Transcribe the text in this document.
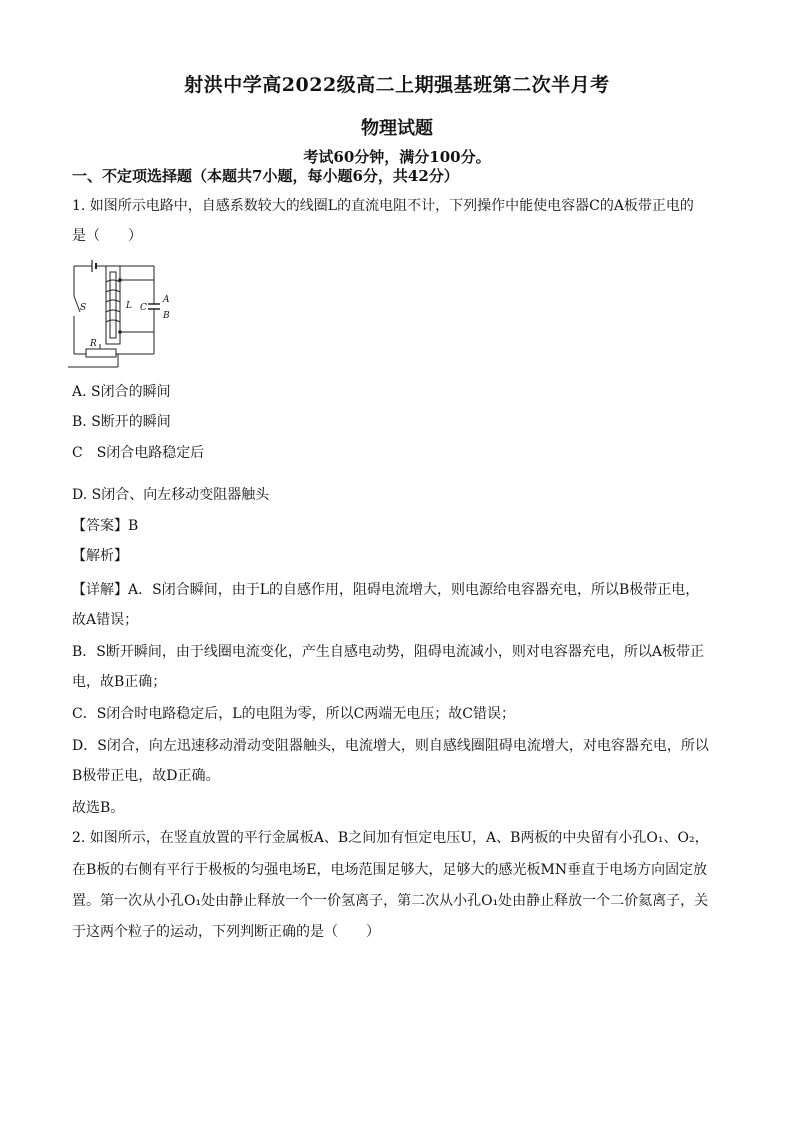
射洪中学高2022级高二上期强基班第二次半月考
物理试题
考试60分钟，满分100分。
一、不定项选择题（本题共7小题，每小题6分，共42分）
1. 如图所示电路中，自感系数较大的线圈L的直流电阻不计，下列操作中能使电容器C的A板带正电的
是（　　）
S	L C
A
B
R
A. S闭合的瞬间
B. S断开的瞬间
C　S闭合电路稳定后
D. S闭合、向左移动变阻器触头
【答案】B
【解析】
【详解】A．S闭合瞬间，由于L的自感作用，阻碍电流增大，则电源给电容器充电，所以B极带正电，
故A错误；
B．S断开瞬间，由于线圈电流变化，产生自感电动势，阻碍电流减小，则对电容器充电，所以A板带正
电，故B正确；
C．S闭合时电路稳定后，L的电阻为零，所以C两端无电压；故C错误；
D．S闭合，向左迅速移动滑动变阻器触头，电流增大，则自感线圈阻碍电流增大，对电容器充电，所以
B极带正电，故D正确。
故选B。
2. 如图所示，在竖直放置的平行金属板A、B之间加有恒定电压U，A、B两板的中央留有小孔O₁、O₂，
在B板的右侧有平行于极板的匀强电场E，电场范围足够大，足够大的感光板MN垂直于电场方向固定放
置。第一次从小孔O₁处由静止释放一个一价氢离子，第二次从小孔O₁处由静止释放一个二价氦离子，关
于这两个粒子的运动，下列判断正确的是（　　）
